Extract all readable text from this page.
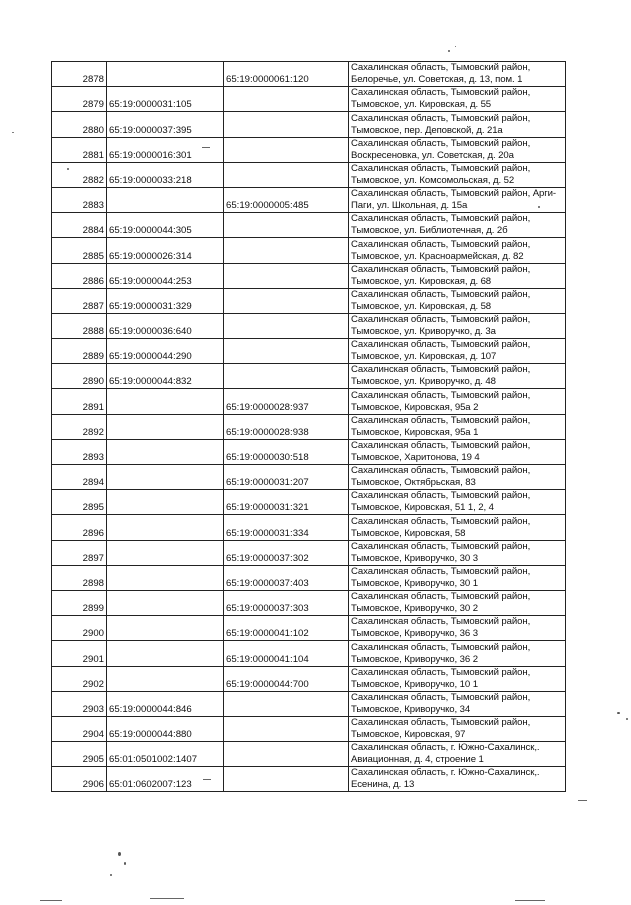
2878		65:19:0000061:120	Сахалинская область, Тымовский район,
Белоречье, ул. Советская, д. 13, пом. 1

2879	65:19:0000031:105		Сахалинская область, Тымовский район,
Тымовское, ул. Кировская, д. 55

2880	65:19:0000037:395		Сахалинская область, Тымовский район,
Тымовское, пер. Деповской, д. 21а

2881	65:19:0000016:301		Сахалинская область, Тымовский район,
Воскресеновка, ул. Советская, д. 20а

2882	65:19:0000033:218		Сахалинская область, Тымовский район,
Тымовское, ул. Комсомольская, д. 52

2883		65:19:0000005:485	Сахалинская область, Тымовский район, Арги-
Паги, ул. Школьная, д. 15а

2884	65:19:0000044:305		Сахалинская область, Тымовский район,
Тымовское, ул. Библиотечная, д. 2б

2885	65:19:0000026:314		Сахалинская область, Тымовский район,
Тымовское, ул. Красноармейская, д. 82

2886	65:19:0000044:253		Сахалинская область, Тымовский район,
Тымовское, ул. Кировская, д. 68

2887	65:19:0000031:329		Сахалинская область, Тымовский район,
Тымовское, ул. Кировская, д. 58

2888	65:19:0000036:640		Сахалинская область, Тымовский район,
Тымовское, ул. Криворучко, д. 3а

2889	65:19:0000044:290		Сахалинская область, Тымовский район,
Тымовское, ул. Кировская, д. 107

2890	65:19:0000044:832		Сахалинская область, Тымовский район,
Тымовское, ул. Криворучко, д. 48

2891		65:19:0000028:937	Сахалинская область, Тымовский район,
Тымовское, Кировская, 95а 2

2892		65:19:0000028:938	Сахалинская область, Тымовский район,
Тымовское, Кировская, 95а 1

2893		65:19:0000030:518	Сахалинская область, Тымовский район,
Тымовское, Харитонова, 19 4

2894		65:19:0000031:207	Сахалинская область, Тымовский район,
Тымовское, Октябрьская, 83

2895		65:19:0000031:321	Сахалинская область, Тымовский район,
Тымовское, Кировская, 51 1, 2, 4

2896		65:19:0000031:334	Сахалинская область, Тымовский район,
Тымовское, Кировская, 58

2897		65:19:0000037:302	Сахалинская область, Тымовский район,
Тымовское, Криворучко, 30 3

2898		65:19:0000037:403	Сахалинская область, Тымовский район,
Тымовское, Криворучко, 30 1

2899		65:19:0000037:303	Сахалинская область, Тымовский район,
Тымовское, Криворучко, 30 2

2900		65:19:0000041:102	Сахалинская область, Тымовский район,
Тымовское, Криворучко, 36 3

2901		65:19:0000041:104	Сахалинская область, Тымовский район,
Тымовское, Криворучко, 36 2

2902		65:19:0000044:700	Сахалинская область, Тымовский район,
Тымовское, Криворучко, 10 1

2903	65:19:0000044:846		Сахалинская область, Тымовский район,
Тымовское, Криворучко, 34

2904	65:19:0000044:880		Сахалинская область, Тымовский район,
Тымовское, Кировская, 97

2905	65:01:0501002:1407		Сахалинская область, г. Южно-Сахалинск,.
Авиационная, д. 4, строение 1

2906	65:01:0602007:123		Сахалинская область, г. Южно-Сахалинск,.
Есенина, д. 13
